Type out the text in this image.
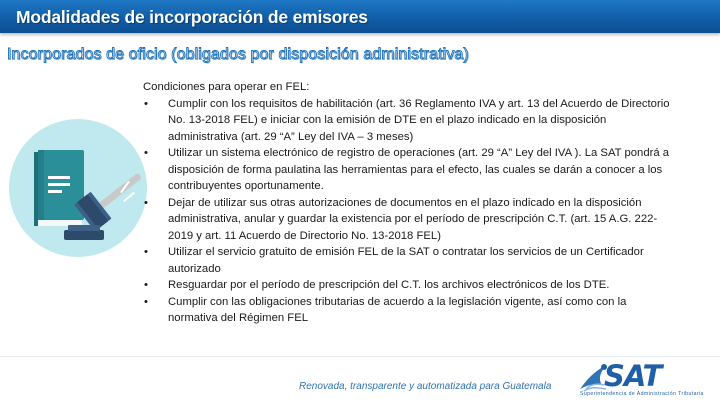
Modalidades de incorporación de emisores
Incorporados de oficio (obligados por disposición administrativa)

Condiciones para operar en FEL:

• Cumplir con los requisitos de habilitación (art. 36 Reglamento IVA y art. 13 del Acuerdo de Directorio No. 13-2018 FEL) e iniciar con la emisión de DTE en el plazo indicado en la disposición administrativa (art. 29 “A” Ley del IVA – 3 meses)
• Utilizar un sistema electrónico de registro de operaciones (art. 29 “A” Ley del IVA ). La SAT pondrá a disposición de forma paulatina las herramientas para el efecto, las cuales se darán a conocer a los contribuyentes oportunamente.
• Dejar de utilizar sus otras autorizaciones de documentos en el plazo indicado en la disposición administrativa, anular y guardar la existencia por el período de prescripción C.T. (art. 15 A.G. 222-2019 y art. 11 Acuerdo de Directorio No. 13-2018 FEL)
• Utilizar el servicio gratuito de emisión FEL de la SAT o contratar los servicios de un Certificador autorizado
• Resguardar por el período de prescripción del C.T. los archivos electrónicos de los DTE.
• Cumplir con las obligaciones tributarias de acuerdo a la legislación vigente, así como con la normativa del Régimen FEL
Renovada, transparente y automatizada para Guatemala SAT
Superintendencia de Administración Tributaria
